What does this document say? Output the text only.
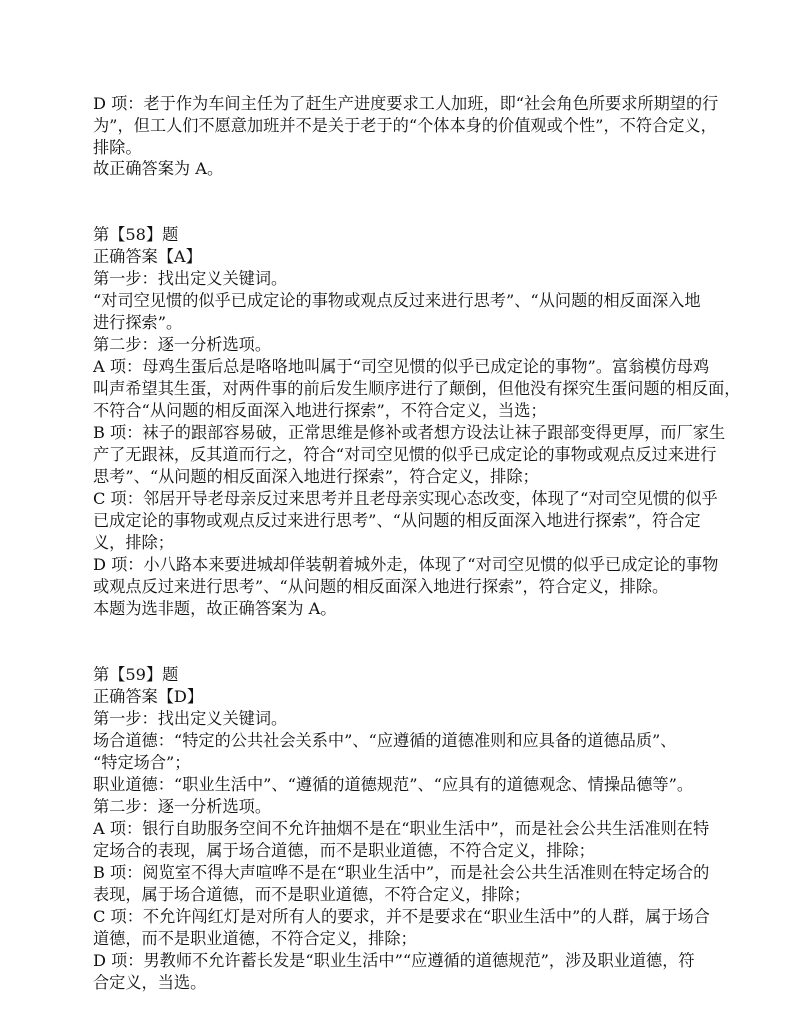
D 项：老于作为车间主任为了赶生产进度要求工人加班，即“社会角色所要求所期望的行

为”，但工人们不愿意加班并不是关于老于的“个体本身的价值观或个性”，不符合定义，

排除。

故正确答案为 A。

第【58】题

正确答案【A】

第一步：找出定义关键词。

“对司空见惯的似乎已成定论的事物或观点反过来进行思考”、“从问题的相反面深入地

进行探索”。

第二步：逐一分析选项。

A 项：母鸡生蛋后总是咯咯地叫属于“司空见惯的似乎已成定论的事物”。富翁模仿母鸡

叫声希望其生蛋，对两件事的前后发生顺序进行了颠倒，但他没有探究生蛋问题的相反面，

不符合“从问题的相反面深入地进行探索”，不符合定义，当选；

B 项：袜子的跟部容易破，正常思维是修补或者想方设法让袜子跟部变得更厚，而厂家生

产了无跟袜，反其道而行之，符合“对司空见惯的似乎已成定论的事物或观点反过来进行

思考”、“从问题的相反面深入地进行探索”，符合定义，排除；

C 项：邻居开导老母亲反过来思考并且老母亲实现心态改变，体现了“对司空见惯的似乎

已成定论的事物或观点反过来进行思考”、“从问题的相反面深入地进行探索”，符合定

义，排除；

D 项：小八路本来要进城却佯装朝着城外走，体现了“对司空见惯的似乎已成定论的事物

或观点反过来进行思考”、“从问题的相反面深入地进行探索”，符合定义，排除。

本题为选非题，故正确答案为 A。

第【59】题

正确答案【D】

第一步：找出定义关键词。

场合道德：“特定的公共社会关系中”、“应遵循的道德准则和应具备的道德品质”、

“特定场合”；

职业道德：“职业生活中”、“遵循的道德规范”、“应具有的道德观念、情操品德等”。

第二步：逐一分析选项。

A 项：银行自助服务空间不允许抽烟不是在“职业生活中”，而是社会公共生活准则在特

定场合的表现，属于场合道德，而不是职业道德，不符合定义，排除；

B 项：阅览室不得大声喧哗不是在“职业生活中”，而是社会公共生活准则在特定场合的

表现，属于场合道德，而不是职业道德，不符合定义，排除；

C 项：不允许闯红灯是对所有人的要求，并不是要求在“职业生活中”的人群，属于场合

道德，而不是职业道德，不符合定义，排除；

D 项：男教师不允许蓄长发是“职业生活中”“应遵循的道德规范”，涉及职业道德，符

合定义，当选。
